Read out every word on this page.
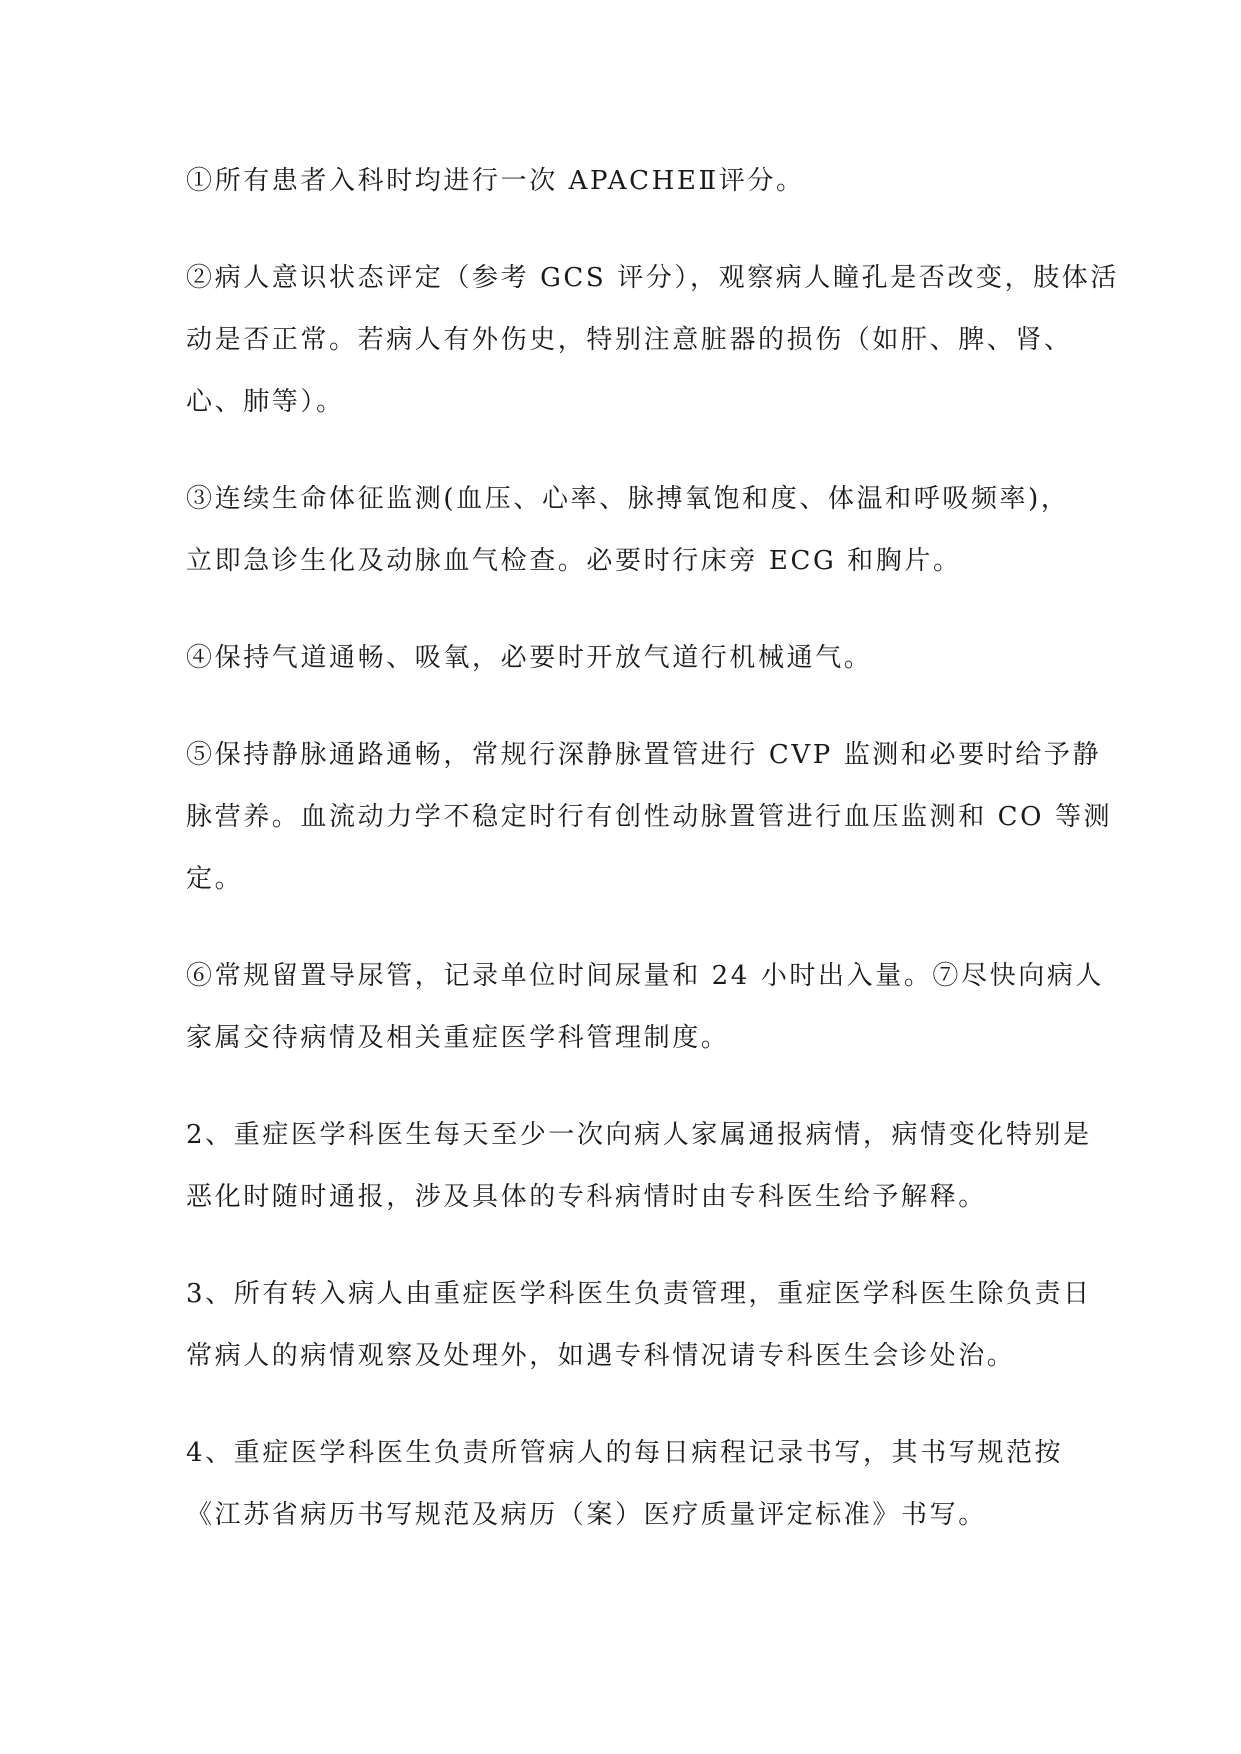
①所有患者入科时均进行一次 APACHEⅡ评分。
②病人意识状态评定（参考 GCS 评分），观察病人瞳孔是否改变，肢体活
动是否正常。若病人有外伤史，特别注意脏器的损伤（如肝、脾、肾、
心、肺等）。
③连续生命体征监测(血压、心率、脉搏氧饱和度、体温和呼吸频率)，
立即急诊生化及动脉血气检查。必要时行床旁 ECG 和胸片。
④保持气道通畅、吸氧，必要时开放气道行机械通气。
⑤保持静脉通路通畅，常规行深静脉置管进行 CVP 监测和必要时给予静
脉营养。血流动力学不稳定时行有创性动脉置管进行血压监测和 CO 等测
定。
⑥常规留置导尿管，记录单位时间尿量和 24 小时出入量。⑦尽快向病人
家属交待病情及相关重症医学科管理制度。
2、重症医学科医生每天至少一次向病人家属通报病情，病情变化特别是
恶化时随时通报，涉及具体的专科病情时由专科医生给予解释。
3、所有转入病人由重症医学科医生负责管理，重症医学科医生除负责日
常病人的病情观察及处理外，如遇专科情况请专科医生会诊处治。
4、重症医学科医生负责所管病人的每日病程记录书写，其书写规范按
《江苏省病历书写规范及病历（案）医疗质量评定标准》书写。
